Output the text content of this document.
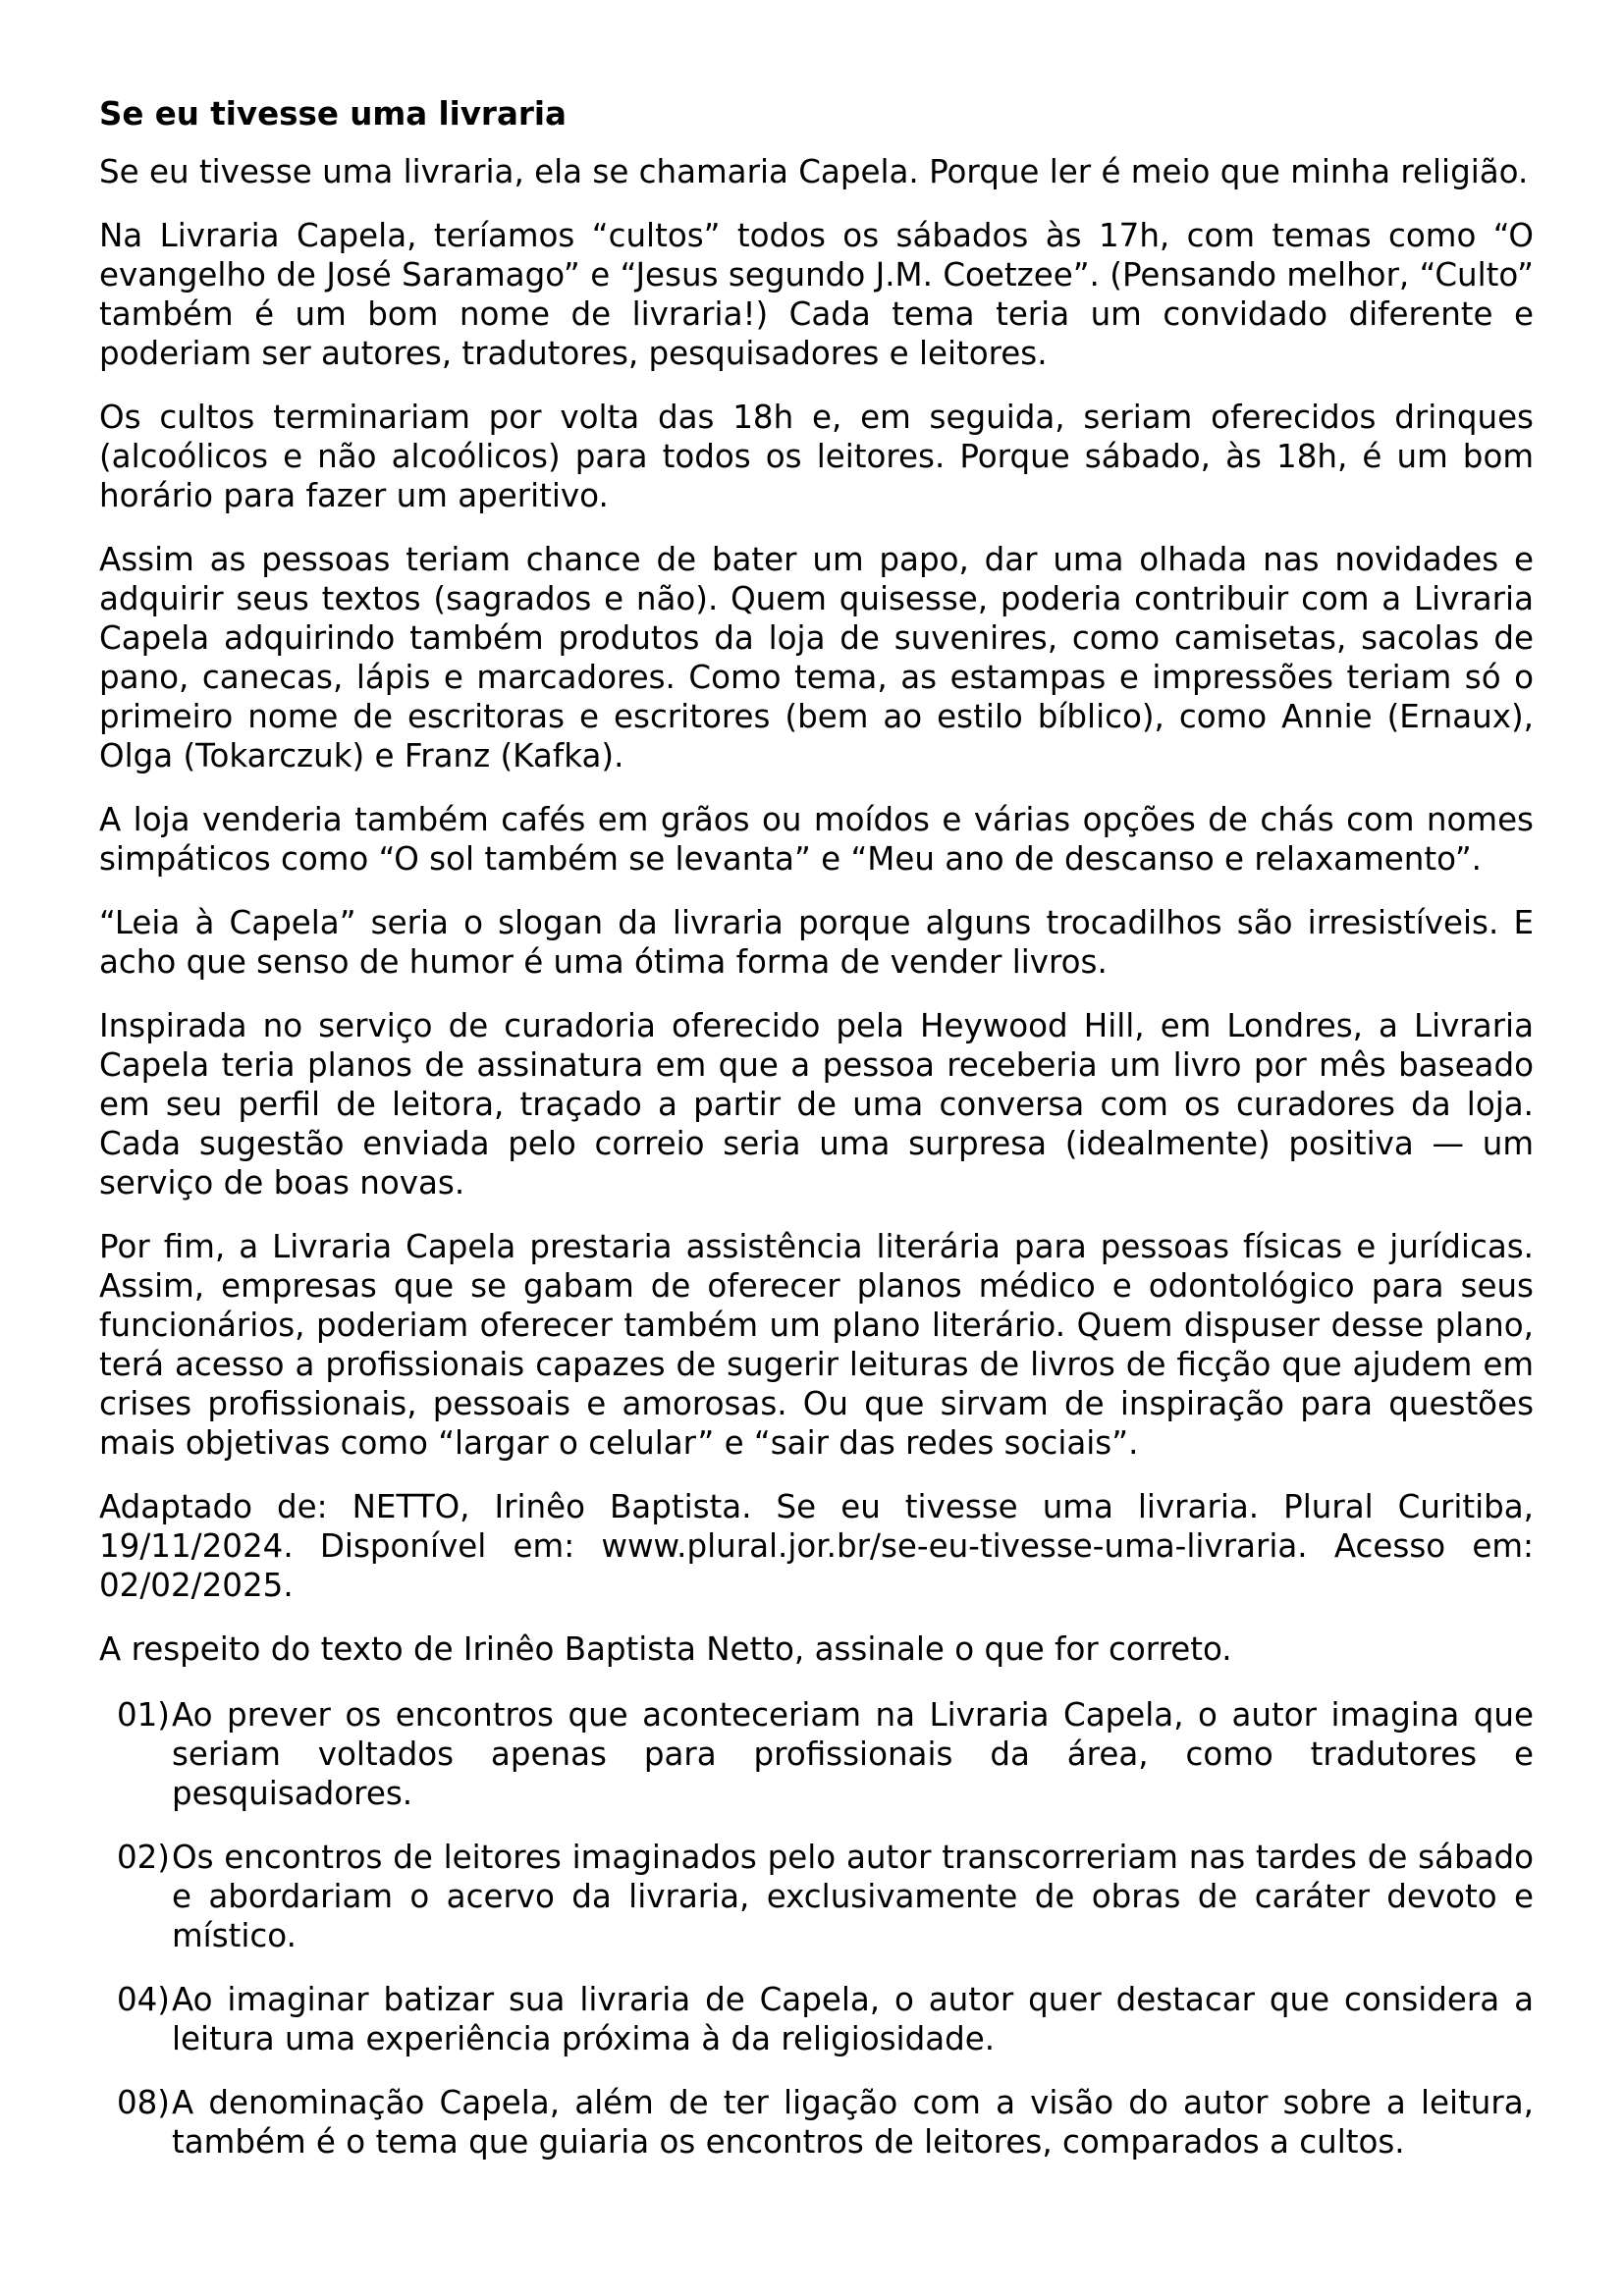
Se eu tivesse uma livraria

Se eu tivesse uma livraria, ela se chamaria Capela. Porque ler é meio que minha religião.

Na Livraria Capela, teríamos “cultos” todos os sábados às 17h, com temas como “O evangelho de José Saramago” e “Jesus segundo J.M. Coetzee”. (Pensando melhor, “Culto” também é um bom nome de livraria!) Cada tema teria um convidado diferente e poderiam ser autores, tradutores, pesquisadores e leitores.

Os cultos terminariam por volta das 18h e, em seguida, seriam oferecidos drinques (alcoólicos e não alcoólicos) para todos os leitores. Porque sábado, às 18h, é um bom horário para fazer um aperitivo.

Assim as pessoas teriam chance de bater um papo, dar uma olhada nas novidades e adquirir seus textos (sagrados e não). Quem quisesse, poderia contribuir com a Livraria Capela adquirindo também produtos da loja de suvenires, como camisetas, sacolas de pano, canecas, lápis e marcadores. Como tema, as estampas e impressões teriam só o primeiro nome de escritoras e escritores (bem ao estilo bíblico), como Annie (Ernaux), Olga (Tokarczuk) e Franz (Kafka).

A loja venderia também cafés em grãos ou moídos e várias opções de chás com nomes simpáticos como “O sol também se levanta” e “Meu ano de descanso e relaxamento”.

“Leia à Capela” seria o slogan da livraria porque alguns trocadilhos são irresistíveis. E acho que senso de humor é uma ótima forma de vender livros.

Inspirada no serviço de curadoria oferecido pela Heywood Hill, em Londres, a Livraria Capela teria planos de assinatura em que a pessoa receberia um livro por mês baseado em seu perfil de leitora, traçado a partir de uma conversa com os curadores da loja. Cada sugestão enviada pelo correio seria uma surpresa (idealmente) positiva — um serviço de boas novas.

Por fim, a Livraria Capela prestaria assistência literária para pessoas físicas e jurídicas. Assim, empresas que se gabam de oferecer planos médico e odontológico para seus funcionários, poderiam oferecer também um plano literário. Quem dispuser desse plano, terá acesso a profissionais capazes de sugerir leituras de livros de ficção que ajudem em crises profissionais, pessoais e amorosas. Ou que sirvam de inspiração para questões mais objetivas como “largar o celular” e “sair das redes sociais”.

Adaptado de: NETTO, Irinêo Baptista. Se eu tivesse uma livraria. Plural Curitiba, 19/11/2024. Disponível em: www.plural.jor.br/se-eu-tivesse-uma-livraria. Acesso em: 02/02/2025.

A respeito do texto de Irinêo Baptista Netto, assinale o que for correto.

01) Ao prever os encontros que aconteceriam na Livraria Capela, o autor imagina que seriam voltados apenas para profissionais da área, como tradutores e pesquisadores.
02) Os encontros de leitores imaginados pelo autor transcorreriam nas tardes de sábado e abordariam o acervo da livraria, exclusivamente de obras de caráter devoto e místico.
04) Ao imaginar batizar sua livraria de Capela, o autor quer destacar que considera a leitura uma experiência próxima à da religiosidade.
08) A denominação Capela, além de ter ligação com a visão do autor sobre a leitura, também é o tema que guiaria os encontros de leitores, comparados a cultos.
